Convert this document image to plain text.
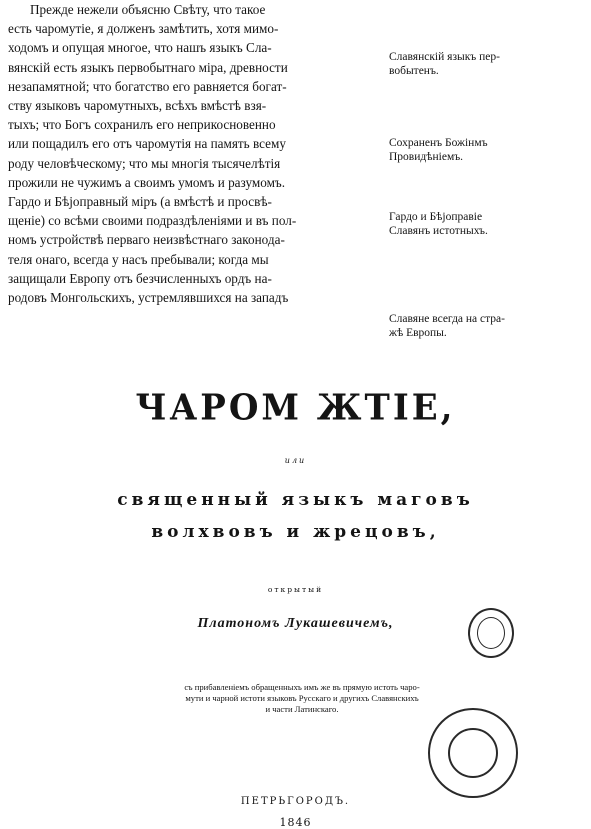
Прежде нежели объясню Свѣту, что такое
есть чаромутіе, я долженъ замѣтить, хотя мимо-
ходомъ и опущая многое, что нашъ языкъ Сла-
вянскій есть языкъ первобытнаго міра, древности
незапамятной; что богатство его равняется богат-
ству языковъ чаромутныхъ, всѣхъ вмѣстѣ взя-
тыхъ; что Богъ сохранилъ его неприкосновенно
или пощадилъ его отъ чаромутія на память всему
роду человѣческому; что мы многія тысячелѣтія
прожили не чужимъ а своимъ умомъ и разумомъ.
Гардо и Бѣјоправный міръ (а вмѣстѣ и просвѣ-
щеніе) со всѣми своими подраздѣленіями и въ пол-
номъ устройствѣ перваго неизвѣстнаго законода-
теля онаго, всегда у насъ пребывали; когда мы
защищали Европу отъ безчисленныхъ ордъ на-
родовъ Монгольскихъ, устремлявшихся на западъ
Славянскій языкъ пер-
вобытенъ.
Сохраненъ Божінмъ
Провидѣніемъ.
Гардо и Бѣјоправіе
Славянъ истотныхъ.
Славяне всегда на стра-
жѣ Европы.
ЧАРОМ ЖТІЕ,
или
священный языкъ маговъ
волхвовъ и жрецовъ,
открытый
Платономъ Лукашевичемъ,
съ прибавленіемъ обращенныхъ имъ же въ прямую истоть чаро-
мути и чарной истоти языковъ Русскаго и другихъ Славянскихъ
и части Латинскаго.
ПЕТРЬГОРОДЪ.
1846
